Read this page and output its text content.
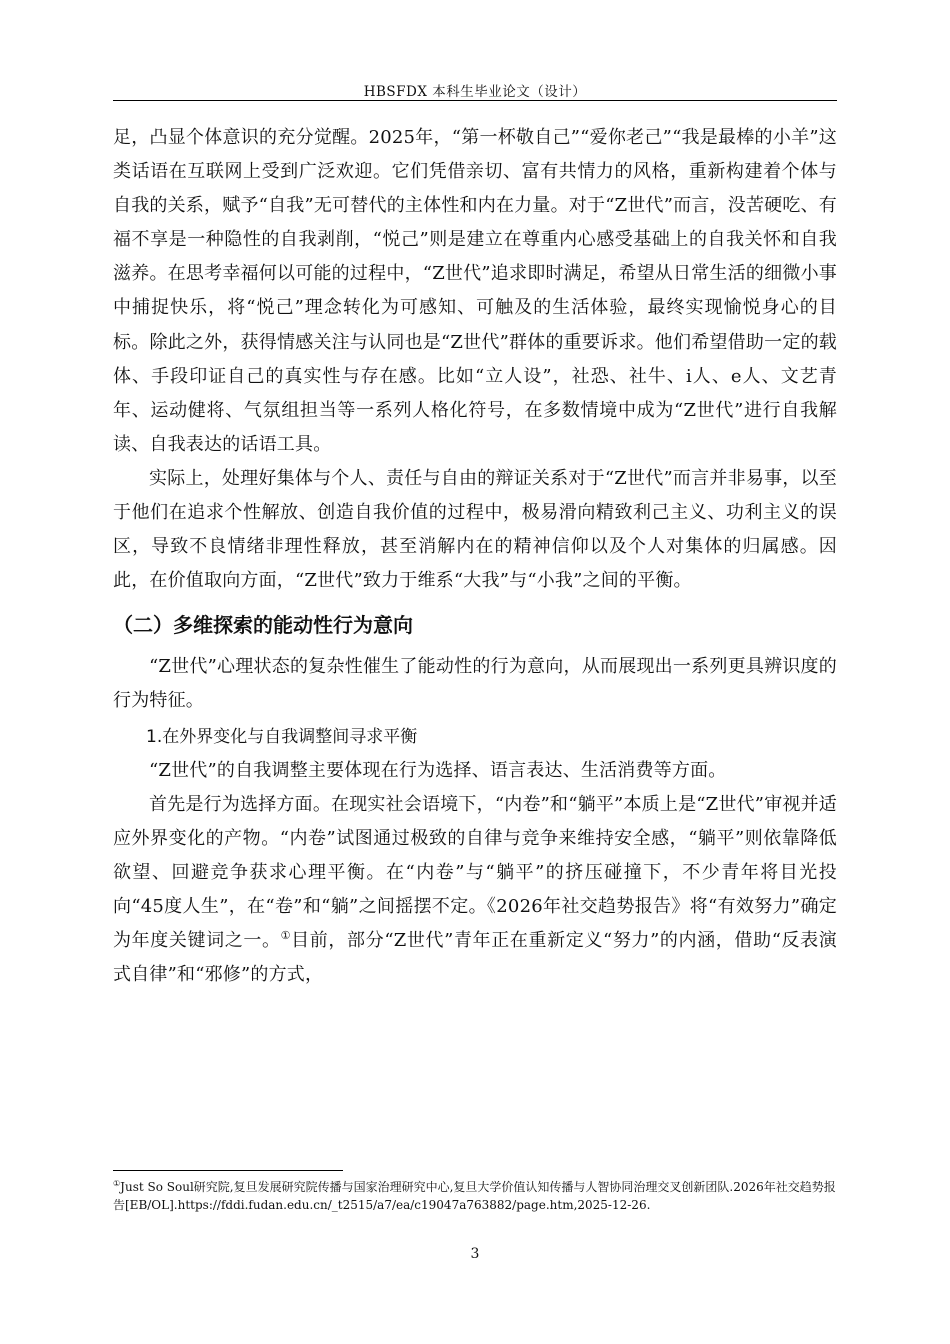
HBSFDX 本科生毕业论文（设计）

足，凸显个体意识的充分觉醒。2025年，“第一杯敬自己”“爱你老己”“我是最棒的小羊”这类话语在互联网上受到广泛欢迎。它们凭借亲切、富有共情力的风格，重新构建着个体与自我的关系，赋予“自我”无可替代的主体性和内在力量。对于“Z世代”而言，没苦硬吃、有福不享是一种隐性的自我剥削，“悦己”则是建立在尊重内心感受基础上的自我关怀和自我滋养。在思考幸福何以可能的过程中，“Z世代”追求即时满足，希望从日常生活的细微小事中捕捉快乐，将“悦己”理念转化为可感知、可触及的生活体验，最终实现愉悦身心的目标。除此之外，获得情感关注与认同也是“Z世代”群体的重要诉求。他们希望借助一定的载体、手段印证自己的真实性与存在感。比如“立人设”，社恐、社牛、i人、e人、文艺青年、运动健将、气氛组担当等一系列人格化符号，在多数情境中成为“Z世代”进行自我解读、自我表达的话语工具。

实际上，处理好集体与个人、责任与自由的辩证关系对于“Z世代”而言并非易事，以至于他们在追求个性解放、创造自我价值的过程中，极易滑向精致利己主义、功利主义的误区，导致不良情绪非理性释放，甚至消解内在的精神信仰以及个人对集体的归属感。因此，在价值取向方面，“Z世代”致力于维系“大我”与“小我”之间的平衡。

（二）多维探索的能动性行为意向

“Z世代”心理状态的复杂性催生了能动性的行为意向，从而展现出一系列更具辨识度的行为特征。

1.在外界变化与自我调整间寻求平衡

“Z世代”的自我调整主要体现在行为选择、语言表达、生活消费等方面。

首先是行为选择方面。在现实社会语境下，“内卷”和“躺平”本质上是“Z世代”审视并适应外界变化的产物。“内卷”试图通过极致的自律与竞争来维持安全感，“躺平”则依靠降低欲望、回避竞争获求心理平衡。在“内卷”与“躺平”的挤压碰撞下，不少青年将目光投向“45度人生”，在“卷”和“躺”之间摇摆不定。《2026年社交趋势报告》将“有效努力”确定为年度关键词之一。①目前，部分“Z世代”青年正在重新定义“努力”的内涵，借助“反表演式自律”和“邪修”的方式，

①Just So Soul研究院,复旦发展研究院传播与国家治理研究中心,复旦大学价值认知传播与人智协同治理交叉创新团队.2026年社交趋势报告[EB/OL].https://fddi.fudan.edu.cn/_t2515/a7/ea/c19047a763882/page.htm,2025-12-26.

3
